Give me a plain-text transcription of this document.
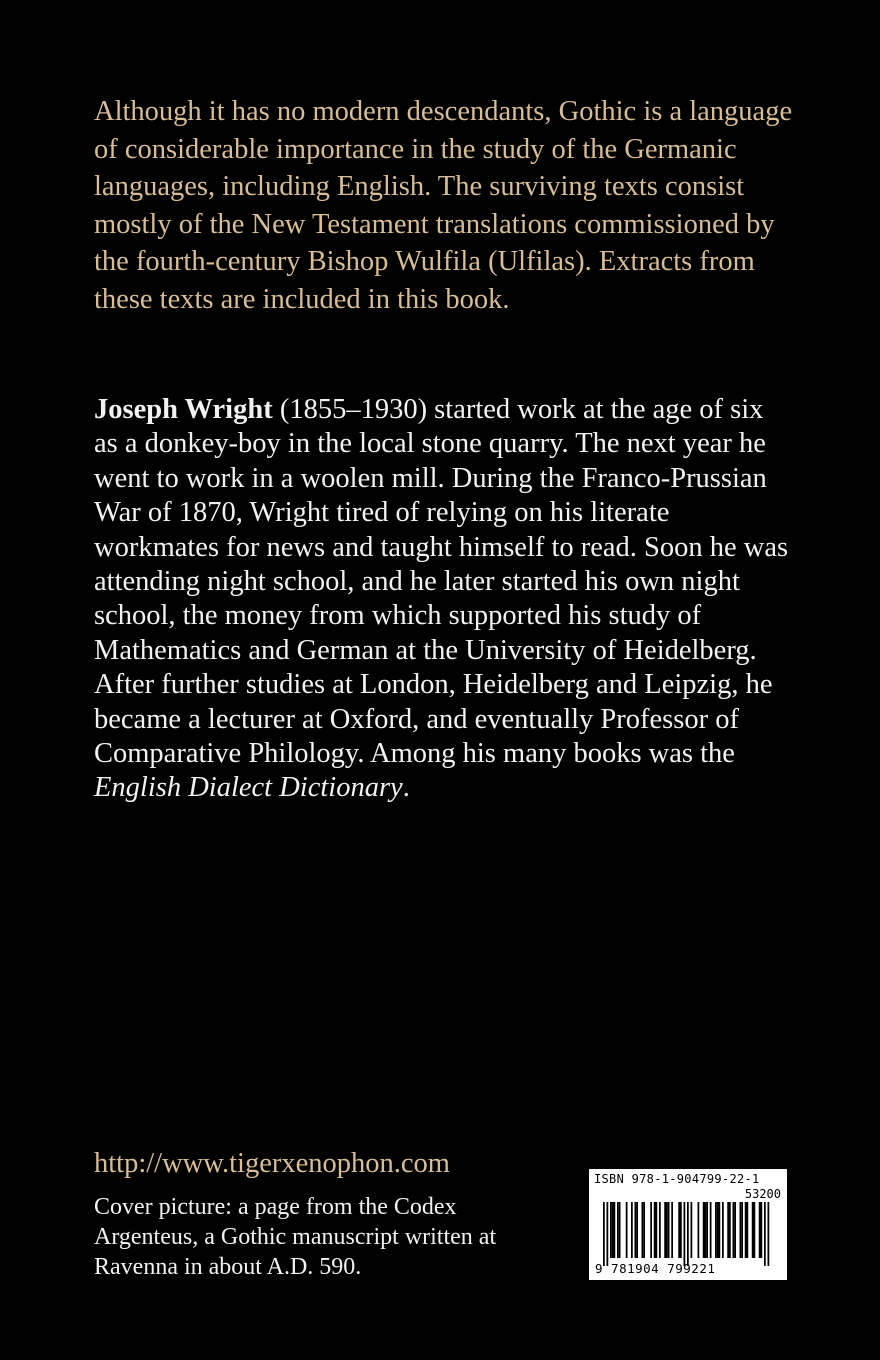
Although it has no modern descendants, Gothic is a language of considerable importance in the study of the Germanic languages, including English. The surviving texts consist mostly of the New Testament translations commissioned by the fourth-century Bishop Wulfila (Ulfilas). Extracts from these texts are included in this book.

Joseph Wright (1855–1930) started work at the age of six as a donkey-boy in the local stone quarry. The next year he went to work in a woolen mill. During the Franco-Prussian War of 1870, Wright tired of relying on his literate workmates for news and taught himself to read. Soon he was attending night school, and he later started his own night school, the money from which supported his study of Mathematics and German at the University of Heidelberg. After further studies at London, Heidelberg and Leipzig, he became a lecturer at Oxford, and eventually Professor of Comparative Philology. Among his many books was the English Dialect Dictionary.

http://www.tigerxenophon.com

Cover picture: a page from the Codex Argenteus, a Gothic manuscript written at Ravenna in about A.D. 590.

ISBN 978-1-904799-22-1
53200
9 781904 799221
